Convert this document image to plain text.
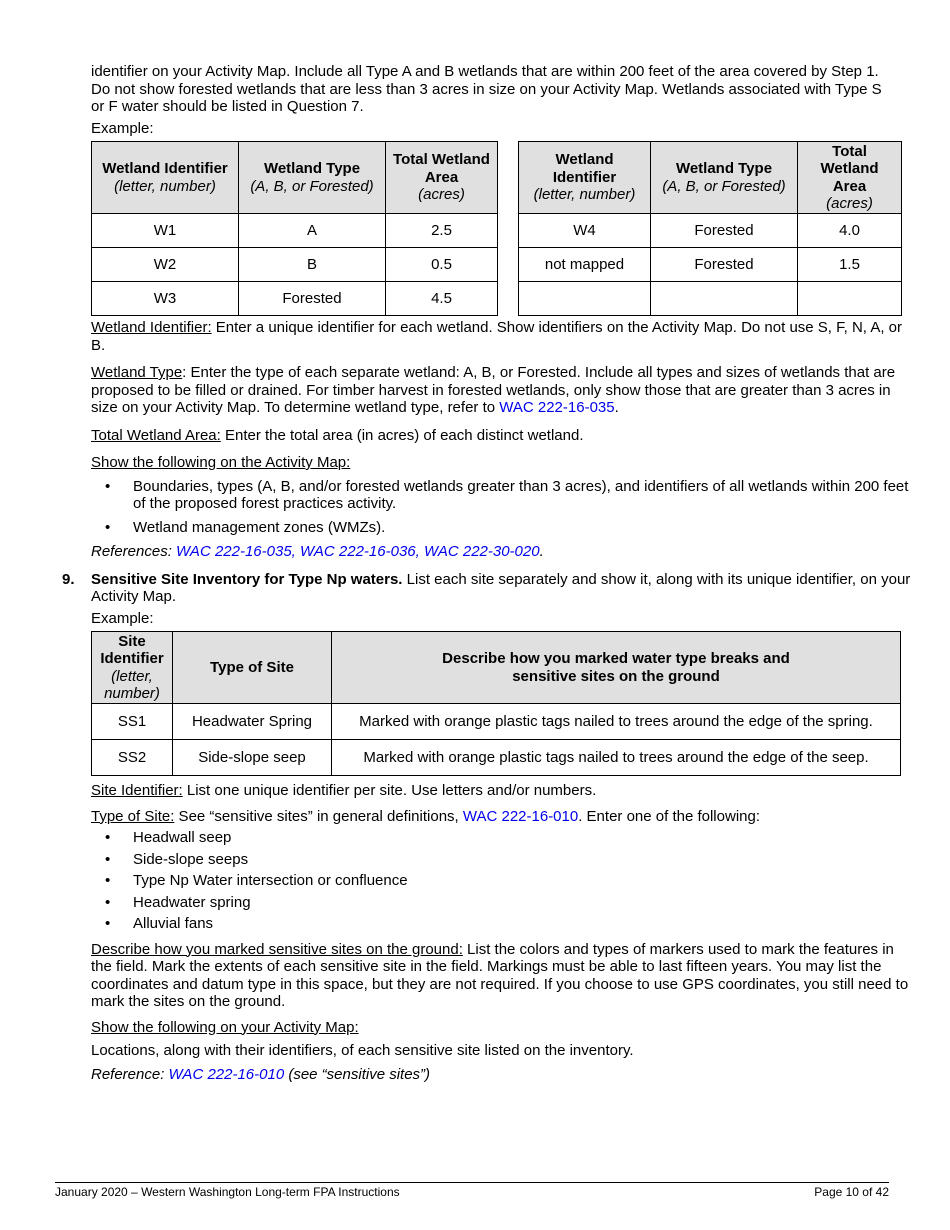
identifier on your Activity Map. Include all Type A and B wetlands that are within 200 feet of the area covered by Step 1.
Do not show forested wetlands that are less than 3 acres in size on your Activity Map. Wetlands associated with Type S
or F water should be listed in Question 7.

Example:

Wetland Identifier
(letter, number)	Wetland Type
(A, B, or Forested)	Total Wetland Area
(acres)

W1	A	2.5
W2	B	0.5
W3	Forested	4.5
Wetland Identifier
(letter, number)	Wetland Type
(A, B, or Forested)	Total Wetland Area
(acres)

W4	Forested	4.0
not mapped	Forested	1.5

Wetland Identifier: Enter a unique identifier for each wetland. Show identifiers on the Activity Map. Do not use S, F, N, A, or B.

Wetland Type: Enter the type of each separate wetland: A, B, or Forested. Include all types and sizes of wetlands that are proposed to be filled or drained. For timber harvest in forested wetlands, only show those that are greater than 3 acres in size on your Activity Map. To determine wetland type, refer to WAC 222-16-035.

Total Wetland Area: Enter the total area (in acres) of each distinct wetland.

Show the following on the Activity Map:

• Boundaries, types (A, B, and/or forested wetlands greater than 3 acres), and identifiers of all wetlands within 200 feet of the proposed forest practices activity.
• Wetland management zones (WMZs).

References: WAC 222-16-035, WAC 222-16-036, WAC 222-30-020.

9. Sensitive Site Inventory for Type Np waters. List each site separately and show it, along with its unique identifier, on your Activity Map.

Example:

Site Identifier
(letter, number)	Type of Site	Describe how you marked water type breaks and
sensitive sites on the ground
SS1	Headwater Spring	Marked with orange plastic tags nailed to trees around the edge of the spring.
SS2	Side-slope seep	Marked with orange plastic tags nailed to trees around the edge of the seep.

Site Identifier: List one unique identifier per site. Use letters and/or numbers.

Type of Site: See “sensitive sites” in general definitions, WAC 222-16-010. Enter one of the following:

• Headwall seep
• Side-slope seeps
• Type Np Water intersection or confluence
• Headwater spring
• Alluvial fans

Describe how you marked sensitive sites on the ground: List the colors and types of markers used to mark the features in the field. Mark the extents of each sensitive site in the field. Markings must be able to last fifteen years. You may list the coordinates and datum type in this space, but they are not required. If you choose to use GPS coordinates, you still need to mark the sites on the ground.

Show the following on your Activity Map:

Locations, along with their identifiers, of each sensitive site listed on the inventory.

Reference: WAC 222-16-010 (see “sensitive sites”)

January 2020 – Western Washington Long-term FPA Instructions	Page 10 of 42
